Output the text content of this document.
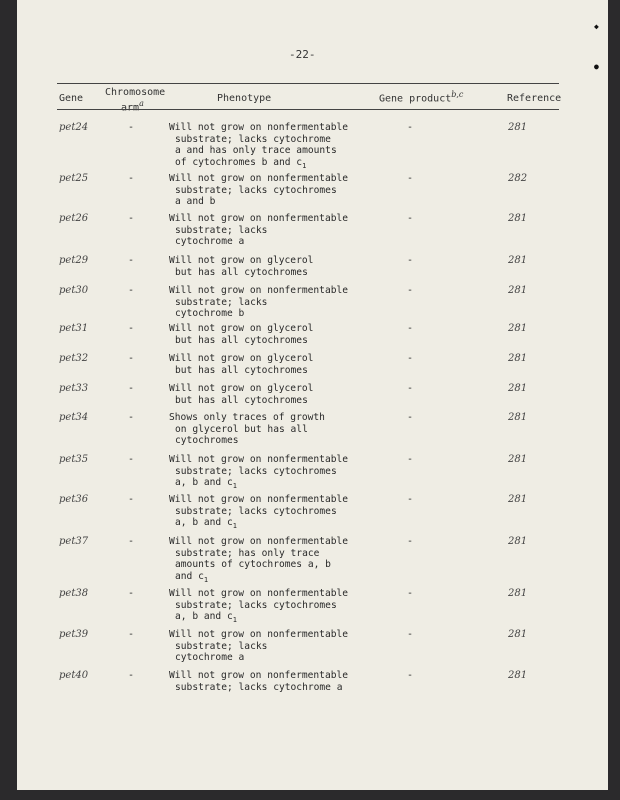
◆
●
-22-
Gene
Chromosome
arm$^a$	Phenotype	Gene product$^{b,c}$	Reference
pet24	-	Will not grow on nonfermentable
substrate; lacks cytochrome
a and has only trace amounts
of cytochromes b and $c_1$
-	281
pet25	-	Will not grow on nonfermentable
substrate; lacks cytochromes
a and b
-	282
pet26	-	Will not grow on nonfermentable
substrate; lacks
cytochrome a
-	281
pet29	-	Will not grow on glycerol
but has all cytochromes
-	281
pet30	-	Will not grow on nonfermentable
substrate; lacks
cytochrome b
-	281
pet31	-	Will not grow on glycerol
but has all cytochromes
-	281
pet32	-	Will not grow on glycerol
but has all cytochromes
-	281
pet33	-	Will not grow on glycerol
but has all cytochromes
-	281
pet34	-	Shows only traces of growth
on glycerol but has all
cytochromes
-	281
pet35	-	Will not grow on nonfermentable
substrate; lacks cytochromes
a, b and $c_1$
-	281
pet36	-	Will not grow on nonfermentable
substrate; lacks cytochromes
a, b and $c_1$
-	281
pet37	-	Will not grow on nonfermentable
substrate; has only trace
amounts of cytochromes a, b
and $c_1$
-	281
pet38	-	Will not grow on nonfermentable
substrate; lacks cytochromes
a, b and $c_1$
-	281
pet39	-	Will not grow on nonfermentable
substrate; lacks
cytochrome a
-	281
pet40	-	Will not grow on nonfermentable
substrate; lacks cytochrome a
-	281
